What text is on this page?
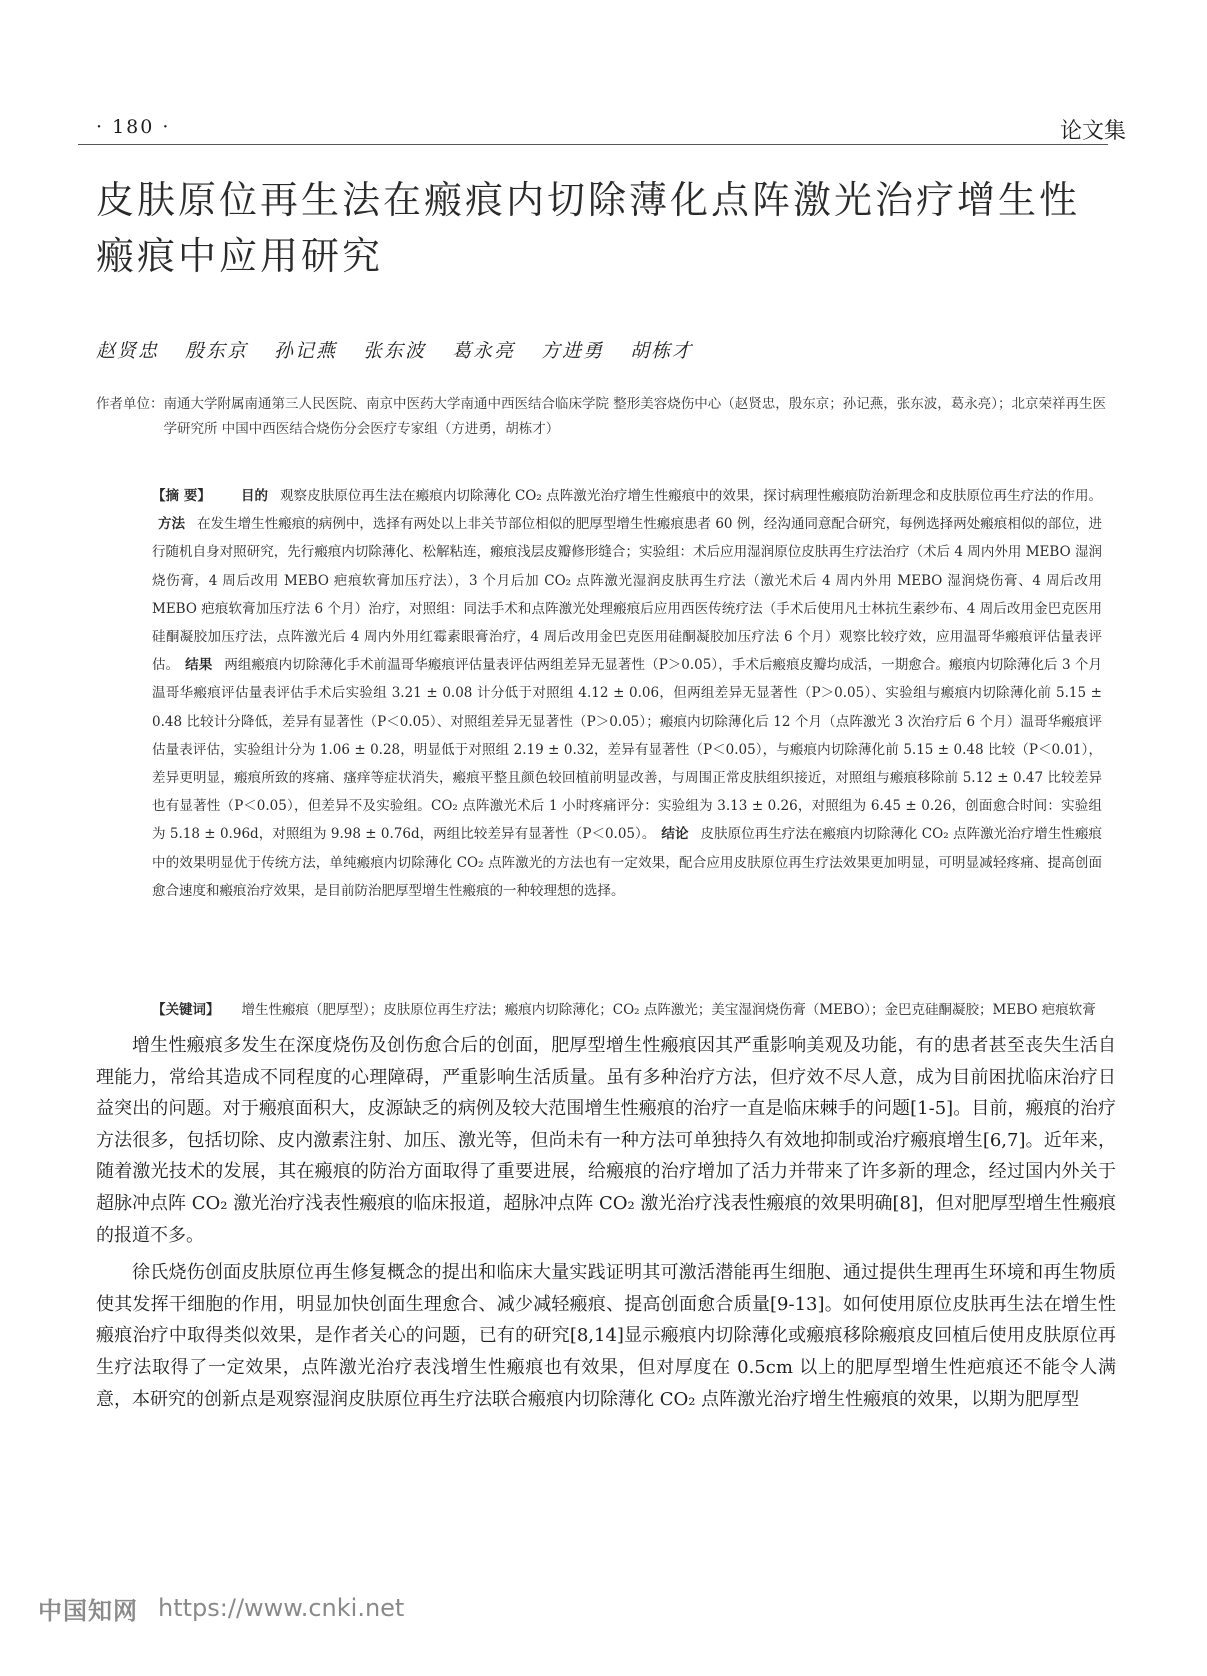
· 180 ·	论文集
皮肤原位再生法在瘢痕内切除薄化点阵激光治疗增生性瘢痕中应用研究
赵贤忠 殷东京 孙记燕 张东波 葛永亮 方进勇 胡栋才
作者单位： 南通大学附属南通第三人民医院、南京中医药大学南通中西医结合临床学院 整形美容烧伤中心（赵贤忠，殷东京；孙记燕，张东波，葛永亮）；北京荣祥再生医学研究所 中国中西医结合烧伤分会医疗专家组（方进勇，胡栋才）
【摘 要】 目的 观察皮肤原位再生法在瘢痕内切除薄化 CO₂ 点阵激光治疗增生性瘢痕中的效果，探讨病理性瘢痕防治新理念和皮肤原位再生疗法的作用。方法 在发生增生性瘢痕的病例中，选择有两处以上非关节部位相似的肥厚型增生性瘢痕患者 60 例，经沟通同意配合研究，每例选择两处瘢痕相似的部位，进行随机自身对照研究，先行瘢痕内切除薄化、松解粘连，瘢痕浅层皮瓣修形缝合；实验组：术后应用湿润原位皮肤再生疗法治疗（术后 4 周内外用 MEBO 湿润烧伤膏，4 周后改用 MEBO 疤痕软膏加压疗法），3 个月后加 CO₂ 点阵激光湿润皮肤再生疗法（激光术后 4 周内外用 MEBO 湿润烧伤膏、4 周后改用 MEBO 疤痕软膏加压疗法 6 个月）治疗，对照组：同法手术和点阵激光处理瘢痕后应用西医传统疗法（手术后使用凡士林抗生素纱布、4 周后改用金巴克医用硅酮凝胶加压疗法，点阵激光后 4 周内外用红霉素眼膏治疗，4 周后改用金巴克医用硅酮凝胶加压疗法 6 个月）观察比较疗效，应用温哥华瘢痕评估量表评估。 结果 两组瘢痕内切除薄化手术前温哥华瘢痕评估量表评估两组差异无显著性（P＞0.05），手术后瘢痕皮瓣均成活，一期愈合。瘢痕内切除薄化后 3 个月温哥华瘢痕评估量表评估手术后实验组 3.21 ± 0.08 计分低于对照组 4.12 ± 0.06，但两组差异无显著性（P＞0.05）、实验组与瘢痕内切除薄化前 5.15 ± 0.48 比较计分降低，差异有显著性（P＜0.05）、对照组差异无显著性（P＞0.05）；瘢痕内切除薄化后 12 个月（点阵激光 3 次治疗后 6 个月）温哥华瘢痕评估量表评估，实验组计分为 1.06 ± 0.28，明显低于对照组 2.19 ± 0.32，差异有显著性（P＜0.05），与瘢痕内切除薄化前 5.15 ± 0.48 比较（P＜0.01），差异更明显，瘢痕所致的疼痛、瘙痒等症状消失，瘢痕平整且颜色较回植前明显改善，与周围正常皮肤组织接近，对照组与瘢痕移除前 5.12 ± 0.47 比较差异也有显著性（P＜0.05），但差异不及实验组。CO₂ 点阵激光术后 1 小时疼痛评分：实验组为 3.13 ± 0.26，对照组为 6.45 ± 0.26，创面愈合时间：实验组为 5.18 ± 0.96d，对照组为 9.98 ± 0.76d，两组比较差异有显著性（P＜0.05）。 结论 皮肤原位再生疗法在瘢痕内切除薄化 CO₂ 点阵激光治疗增生性瘢痕中的效果明显优于传统方法，单纯瘢痕内切除薄化 CO₂ 点阵激光的方法也有一定效果，配合应用皮肤原位再生疗法效果更加明显，可明显减轻疼痛、提高创面愈合速度和瘢痕治疗效果，是目前防治肥厚型增生性瘢痕的一种较理想的选择。
【关键词】 增生性瘢痕（肥厚型）；皮肤原位再生疗法；瘢痕内切除薄化；CO₂ 点阵激光；美宝湿润烧伤膏（MEBO）；金巴克硅酮凝胶；MEBO 疤痕软膏

增生性瘢痕多发生在深度烧伤及创伤愈合后的创面，肥厚型增生性瘢痕因其严重影响美观及功能，有的患者甚至丧失生活自理能力，常给其造成不同程度的心理障碍，严重影响生活质量。虽有多种治疗方法，但疗效不尽人意，成为目前困扰临床治疗日益突出的问题。对于瘢痕面积大，皮源缺乏的病例及较大范围增生性瘢痕的治疗一直是临床棘手的问题[1-5]。目前，瘢痕的治疗方法很多，包括切除、皮内激素注射、加压、激光等，但尚未有一种方法可单独持久有效地抑制或治疗瘢痕增生[6,7]。近年来，随着激光技术的发展，其在瘢痕的防治方面取得了重要进展，给瘢痕的治疗增加了活力并带来了许多新的理念，经过国内外关于超脉冲点阵 CO₂ 激光治疗浅表性瘢痕的临床报道，超脉冲点阵 CO₂ 激光治疗浅表性瘢痕的效果明确[8]，但对肥厚型增生性瘢痕的报道不多。

徐氏烧伤创面皮肤原位再生修复概念的提出和临床大量实践证明其可激活潜能再生细胞、通过提供生理再生环境和再生物质使其发挥干细胞的作用，明显加快创面生理愈合、减少减轻瘢痕、提高创面愈合质量[9-13]。如何使用原位皮肤再生法在增生性瘢痕治疗中取得类似效果，是作者关心的问题，已有的研究[8,14]显示瘢痕内切除薄化或瘢痕移除瘢痕皮回植后使用皮肤原位再生疗法取得了一定效果，点阵激光治疗表浅增生性瘢痕也有效果，但对厚度在 0.5cm 以上的肥厚型增生性疤痕还不能令人满意，本研究的创新点是观察湿润皮肤原位再生疗法联合瘢痕内切除薄化 CO₂ 点阵激光治疗增生性瘢痕的效果，以期为肥厚型

中国知网 https://www.cnki.net
